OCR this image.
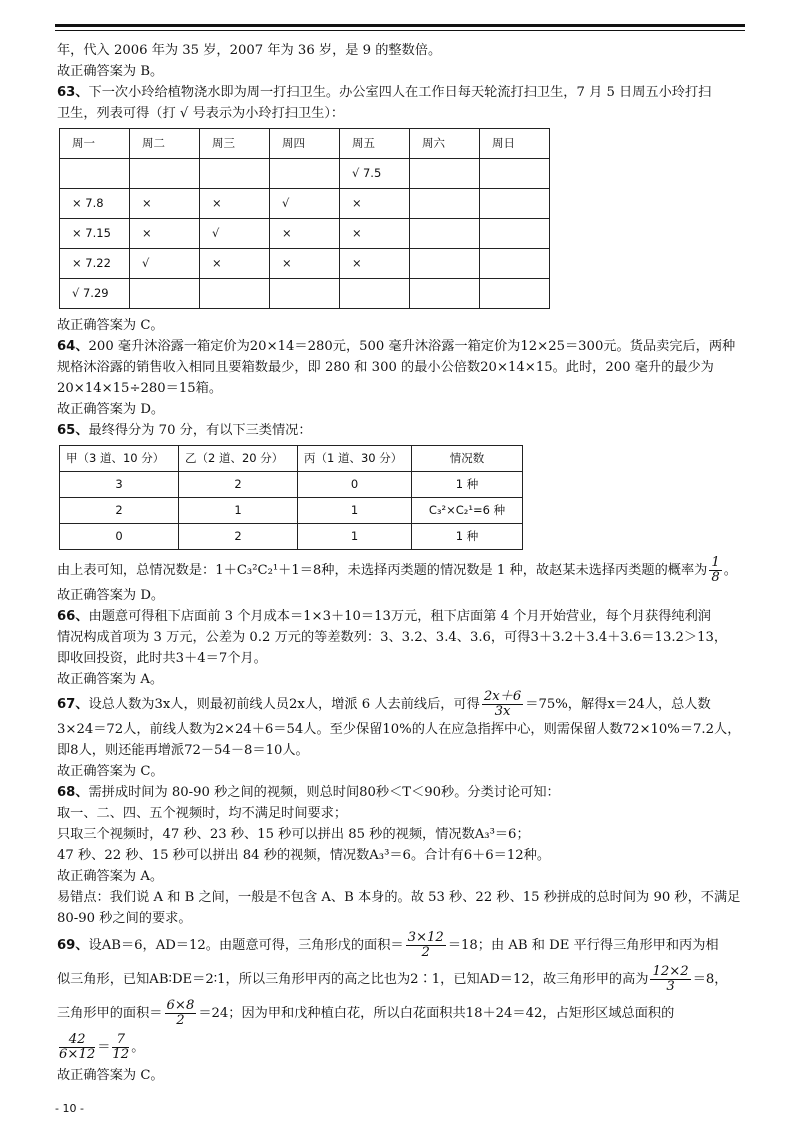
年，代入 2006 年为 35 岁，2007 年为 36 岁，是 9 的整数倍。

故正确答案为 B。

63、下一次小玲给植物浇水即为周一打扫卫生。办公室四人在工作日每天轮流打扫卫生，7 月 5 日周五小玲打扫

卫生，列表可得（打 √ 号表示为小玲打扫卫生）：

周一	周二	周三	周四	周五	周六	周日
				√ 7.5		
× 7.8	×	×	√	×		
× 7.15	×	√	×	×		
× 7.22	√	×	×	×		
√ 7.29						

故正确答案为 C。

64、200 毫升沐浴露一箱定价为20×14＝280元，500 毫升沐浴露一箱定价为12×25＝300元。货品卖完后，两种

规格沐浴露的销售收入相同且要箱数最少，即 280 和 300 的最小公倍数20×14×15。此时，200 毫升的最少为

20×14×15÷280＝15箱。

故正确答案为 D。

65、最终得分为 70 分，有以下三类情况：

甲（3 道、10 分）	乙（2 道、20 分）	丙（1 道、30 分）	情况数
3	2	0	1 种
2	1	1	C₃²×C₂¹=6 种
0	2	1	1 种

由上表可知，总情况数是：1＋C₃²C₂¹＋1＝8种，未选择丙类题的情况数是 1 种，故赵某未选择丙类题的概率为 $\frac{1}{8}$ 。

故正确答案为 D。

66、由题意可得租下店面前 3 个月成本＝1×3＋10＝13万元，租下店面第 4 个月开始营业，每个月获得纯利润

情况构成首项为 3 万元，公差为 0.2 万元的等差数列：3、3.2、3.4、3.6，可得3＋3.2＋3.4＋3.6＝13.2＞13，

即收回投资，此时共3＋4＝7个月。

故正确答案为 A。

67、设总人数为3x人，则最初前线人员2x人，增派 6 人去前线后，可得 $\frac{2x+6}{3x} =75\%$，解得x＝24人，总人数

3×24＝72人，前线人数为2×24＋6＝54人。至少保留10%的人在应急指挥中心，则需保留人数72×10%＝7.2人，

即8人，则还能再增派72－54－8＝10人。

故正确答案为 C。

68、需拼成时间为 80-90 秒之间的视频，则总时间80秒＜T＜90秒。分类讨论可知：

取一、二、四、五个视频时，均不满足时间要求；

只取三个视频时，47 秒、23 秒、15 秒可以拼出 85 秒的视频，情况数A₃³＝6；

47 秒、22 秒、15 秒可以拼出 84 秒的视频，情况数A₃³＝6。合计有6＋6＝12种。

故正确答案为 A。

易错点：我们说 A 和 B 之间，一般是不包含 A、B 本身的。故 53 秒、22 秒、15 秒拼成的总时间为 90 秒，不满足

80-90 秒之间的要求。

69、设AB＝6，AD＝12。由题意可得，三角形戊的面积＝ $\frac{3\times 12}{2} =18$；由 AB 和 DE 平行得三角形甲和丙为相

似三角形，已知AB∶DE＝2∶1，所以三角形甲丙的高之比也为2∶1，已知AD＝12，故三角形甲的高为 $\frac{12\times 2}{3} =8$，

三角形甲的面积＝ $\frac{6\times 8}{2} =24$；因为甲和戊种植白花，所以白花面积共18＋24＝42，占矩形区域总面积的

$\frac{42}{6\times 12} = \frac{7}{12}$ 。

故正确答案为 C。

- 10 -
